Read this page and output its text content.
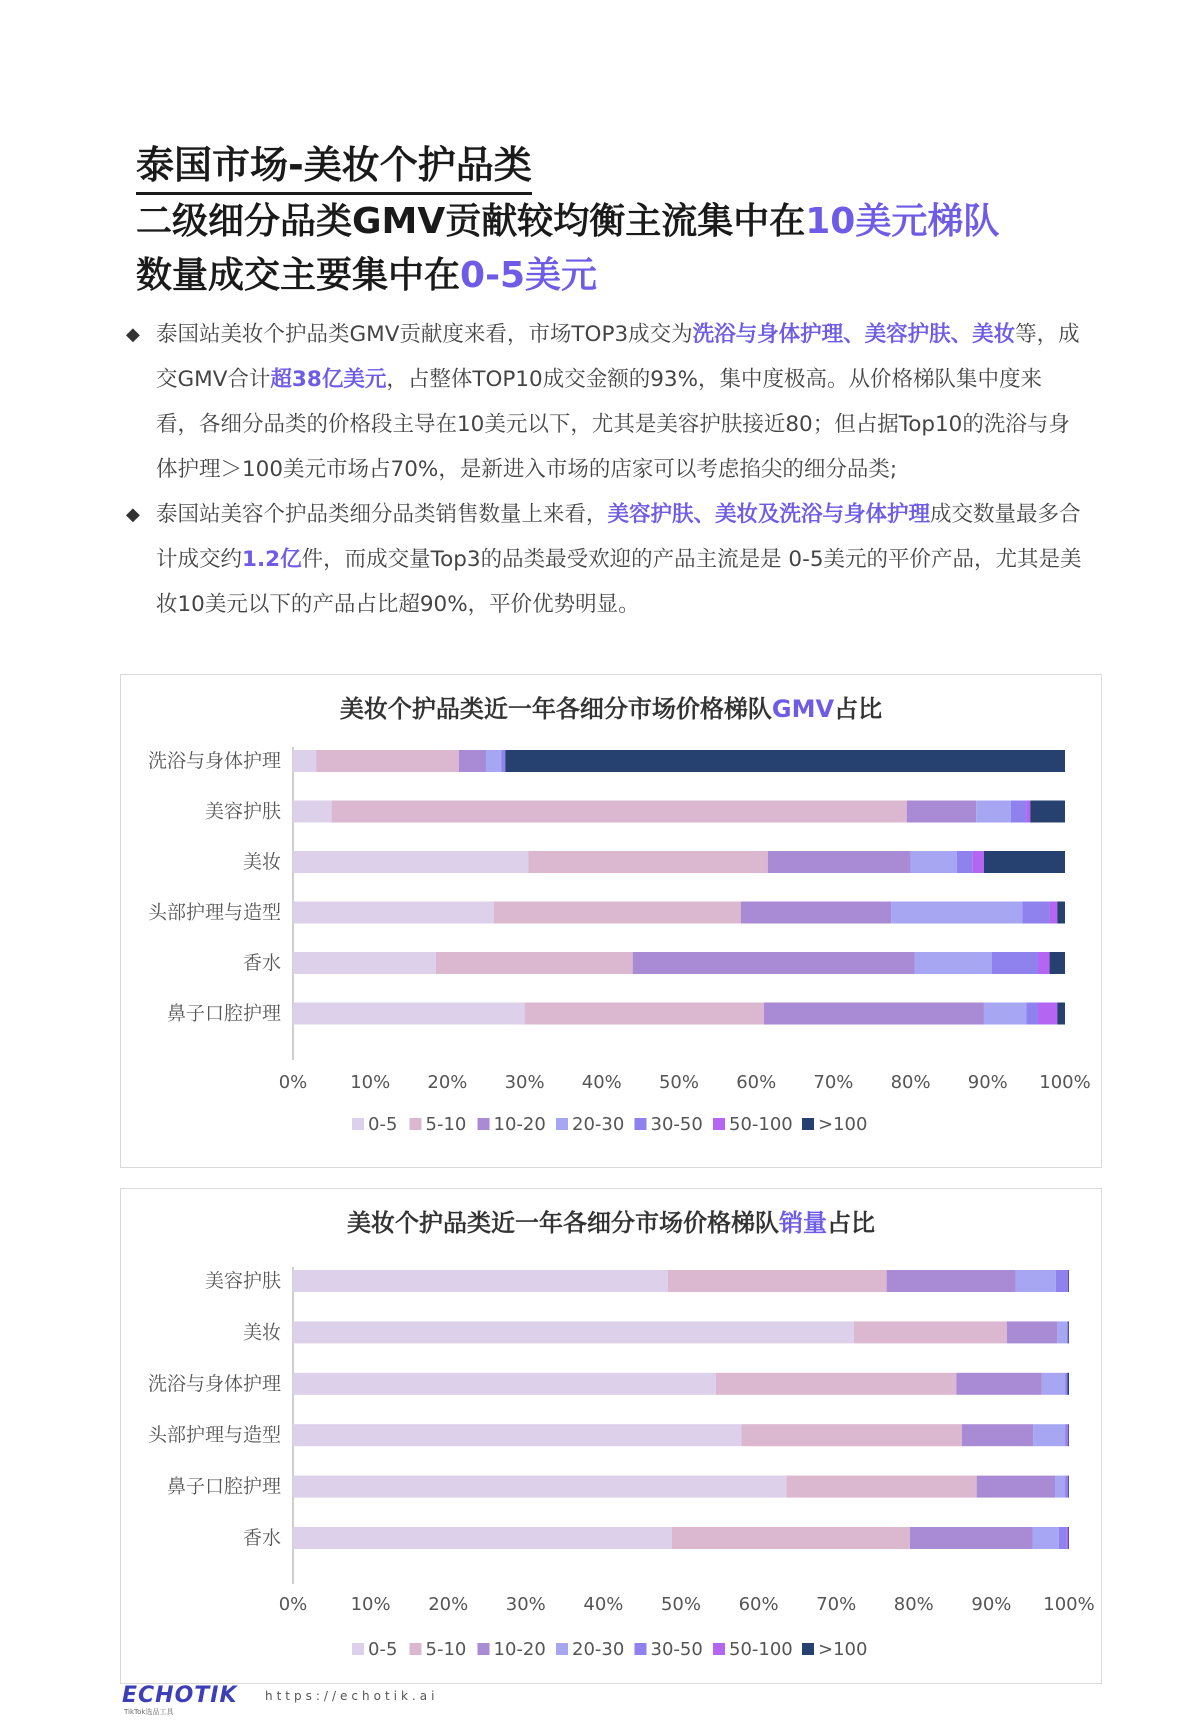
泰国市场-美妆个护品类
二级细分品类GMV贡献较均衡主流集中在10美元梯队
数量成交主要集中在0-5美元
◆ 泰国站美妆个护品类GMV贡献度来看，市场TOP3成交为洗浴与身体护理、美容护肤、美妆等，成交GMV合计超38亿美元，占整体TOP10成交金额的93%，集中度极高。从价格梯队集中度来看，各细分品类的价格段主导在10美元以下，尤其是美容护肤接近80；但占据Top10的洗浴与身体护理＞100美元市场占70%，是新进入市场的店家可以考虑掐尖的细分品类;
◆ 泰国站美容个护品类细分品类销售数量上来看，美容护肤、美妆及洗浴与身体护理成交数量最多合计成交约1.2亿件，而成交量Top3的品类最受欢迎的产品主流是是 0-5美元的平价产品，尤其是美妆10美元以下的产品占比超90%，平价优势明显。
美妆个护品类近一年各细分市场价格梯队GMV占比
洗浴与身体护理
美容护肤
美妆
头部护理与造型
香水
鼻子口腔护理
0% 10% 20% 30% 40% 50% 60% 70% 80% 90% 100%
0-5 5-10 10-20 20-30 30-50 50-100 >100
美妆个护品类近一年各细分市场价格梯队销量占比
美容护肤
美妆
洗浴与身体护理
头部护理与造型
鼻子口腔护理
香水
0% 10% 20% 30% 40% 50% 60% 70% 80% 90% 100%
0-5 5-10 10-20 20-30 30-50 50-100 >100
ECHOTIK
TikTok选品工具
https://echotik.ai
